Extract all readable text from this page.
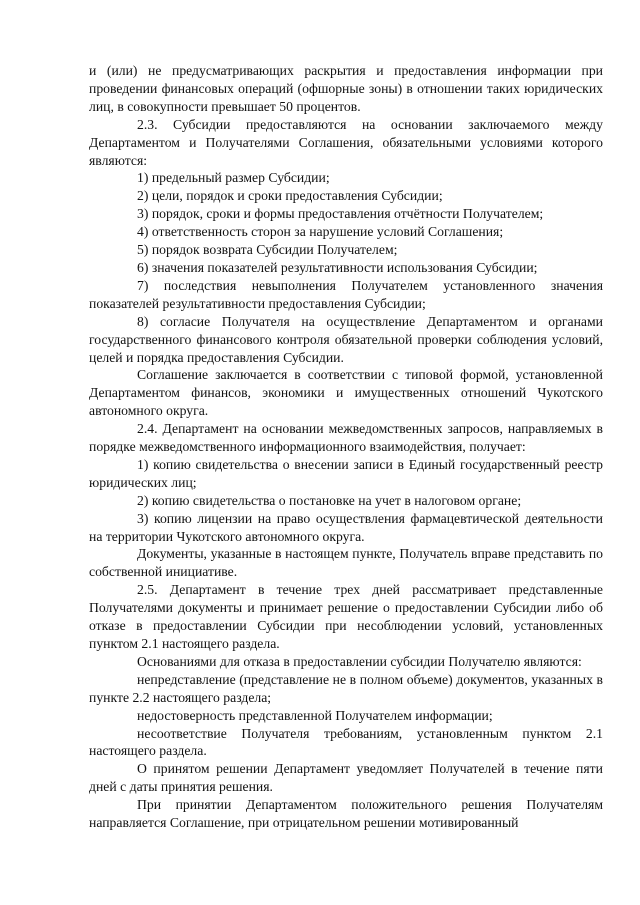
и (или) не предусматривающих раскрытия и предоставления информации при проведении финансовых операций (офшорные зоны) в отношении таких юридических лиц, в совокупности превышает 50 процентов.

2.3. Субсидии предоставляются на основании заключаемого между Департаментом и Получателями Соглашения, обязательными условиями которого являются:

1) предельный размер Субсидии;

2) цели, порядок и сроки предоставления Субсидии;

3) порядок, сроки и формы предоставления отчётности Получателем;

4) ответственность сторон за нарушение условий Соглашения;

5) порядок возврата Субсидии Получателем;

6) значения показателей результативности использования Субсидии;

7) последствия невыполнения Получателем установленного значения показателей результативности предоставления Субсидии;

8) согласие Получателя на осуществление Департаментом и органами государственного финансового контроля обязательной проверки соблюдения условий, целей и порядка предоставления Субсидии.

Соглашение заключается в соответствии с типовой формой, установленной Департаментом финансов, экономики и имущественных отношений Чукотского автономного округа.

2.4. Департамент на основании межведомственных запросов, направляемых в порядке межведомственного информационного взаимодействия, получает:

1) копию свидетельства о внесении записи в Единый государственный реестр юридических лиц;

2) копию свидетельства о постановке на учет в налоговом органе;

3) копию лицензии на право осуществления фармацевтической деятельности на территории Чукотского автономного округа.

Документы, указанные в настоящем пункте, Получатель вправе представить по собственной инициативе.

2.5. Департамент в течение трех дней рассматривает представленные Получателями документы и принимает решение о предоставлении Субсидии либо об отказе в предоставлении Субсидии при несоблюдении условий, установленных пунктом 2.1 настоящего раздела.

Основаниями для отказа в предоставлении субсидии Получателю являются:

непредставление (представление не в полном объеме) документов, указанных в пункте 2.2 настоящего раздела;

недостоверность представленной Получателем информации;

несоответствие Получателя требованиям, установленным пунктом 2.1 настоящего раздела.

О принятом решении Департамент уведомляет Получателей в течение пяти дней с даты принятия решения.

При принятии Департаментом положительного решения Получателям направляется Соглашение, при отрицательном решении мотивированный
